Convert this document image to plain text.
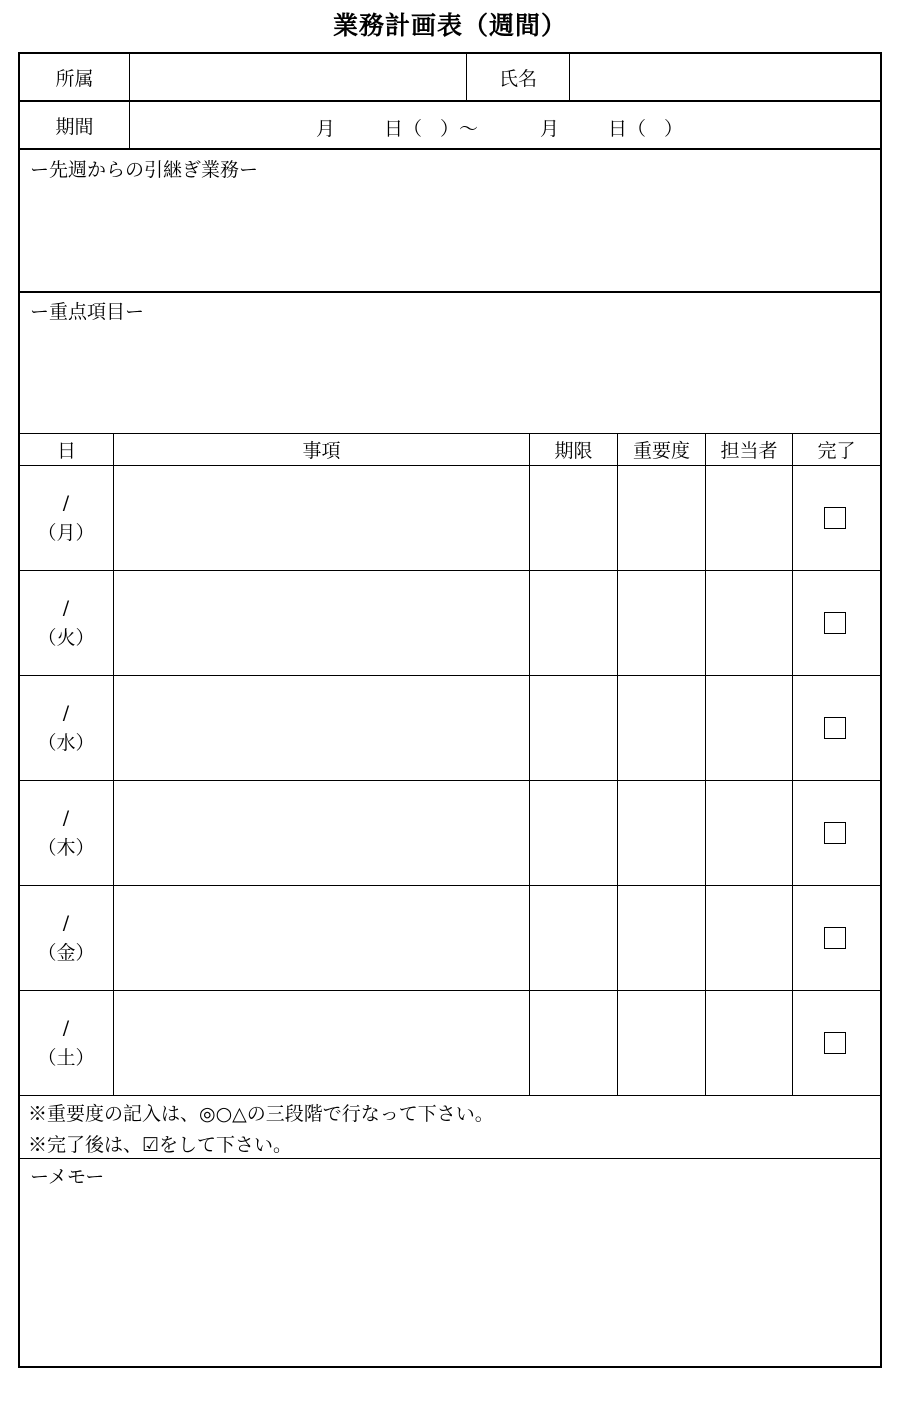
業務計画表（週間）
所属	氏名
期間	月	日（ ）〜	月	日（ ）
ー先週からの引継ぎ業務ー
ー重点項目ー
日	事項	期限	重要度	担当者	完了
/
（月）
/
（火）
/
（水）
/
（木）
/
（金）
/
（土）
※重要度の記入は、◎○△の三段階で行なって下さい。
※完了後は、☑をして下さい。
ーメモー
